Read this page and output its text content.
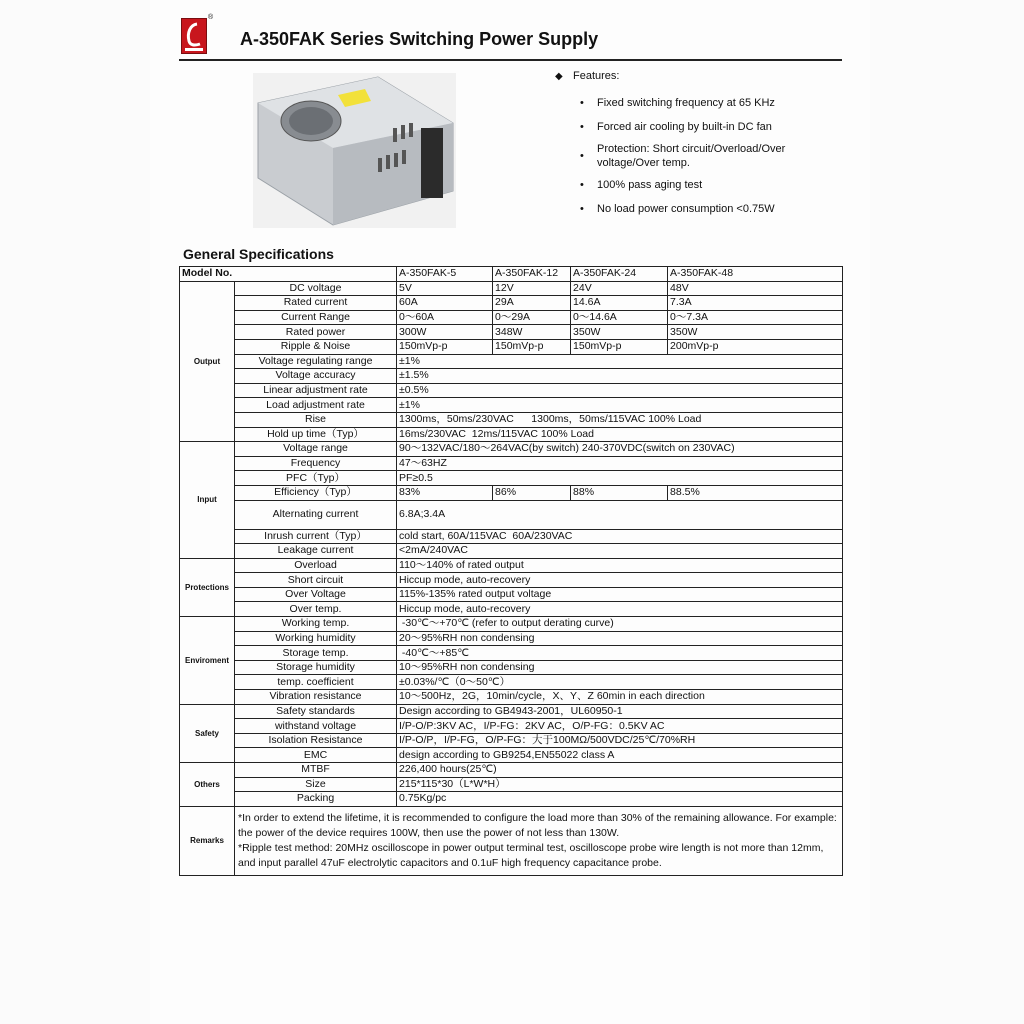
®
A-350FAK Series Switching Power Supply
◆ Features:
• Fixed switching frequency at 65 KHz
• Forced air cooling by built-in DC fan
•
Protection: Short circuit/Overload/Over voltage/Over temp.
• 100% pass aging test
• No load power consumption <0.75W
General Specifications
Model No.		A-350FAK-5	A-350FAK-12	A-350FAK-24	A-350FAK-48
Output	DC voltage	5V	12V	24V	48V
	Rated current	60A	29A	14.6A	7.3A
	Current Range	0～60A	0～29A	0～14.6A	0～7.3A
	Rated power	300W	348W	350W	350W
	Ripple & Noise	150mVp-p	150mVp-p	150mVp-p	200mVp-p
	Voltage regulating range	±1%			
	Voltage accuracy	±1.5%			
	Linear adjustment rate	±0.5%			
	Load adjustment rate	±1%			
	Rise	1300ms，50ms/230VAC      1300ms，50ms/115VAC 100% Load			
	Hold up time（Typ）	16ms/230VAC  12ms/115VAC 100% Load			
Input	Voltage range	90～132VAC/180～264VAC(by switch) 240-370VDC(switch on 230VAC)			
	Frequency	47～63HZ			
	PFC（Typ）	PF≥0.5			
	Efficiency（Typ）	83%	86%	88%	88.5%
	Alternating current	6.8A;3.4A			
	Inrush current（Typ）	cold start, 60A/115VAC  60A/230VAC			
	Leakage current	<2mA/240VAC			
Protections	Overload	110～140% of rated output			
	Short circuit	Hiccup mode, auto-recovery			
	Over Voltage	115%-135% rated output voltage			
	Over temp.	Hiccup mode, auto-recovery			
Enviroment	Working temp.	-30℃～+70℃ (refer to output derating curve)			
	Working humidity	20～95%RH non condensing			
	Storage temp.	-40℃～+85℃			
	Storage humidity	10～95%RH non condensing			
	temp. coefficient	±0.03%/℃（0～50℃）			
	Vibration resistance	10～500Hz，2G，10min/cycle，X、Y、Z 60min in each direction			
Safety	Safety standards	Design according to GB4943-2001，UL60950-1			
	withstand voltage	I/P-O/P:3KV AC，I/P-FG：2KV AC，O/P-FG：0.5KV AC			
	Isolation Resistance	I/P-O/P，I/P-FG，O/P-FG：大于100MΩ/500VDC/25℃/70%RH			
	EMC	design according to GB9254,EN55022 class A			
Others	MTBF	226,400 hours(25℃)			
	Size	215*115*30（L*W*H）			
	Packing	0.75Kg/pc			
Remarks	*In order to extend the lifetime, it is recommended to configure the load more than 30% of the remaining allowance. For example: the power of the device requires 100W, then use the power of not less than 130W.
*Ripple test method: 20MHz oscilloscope in power output terminal test, oscilloscope probe wire length is not more than 12mm, and input parallel 47uF electrolytic capacitors and 0.1uF high frequency capacitance probe.				
